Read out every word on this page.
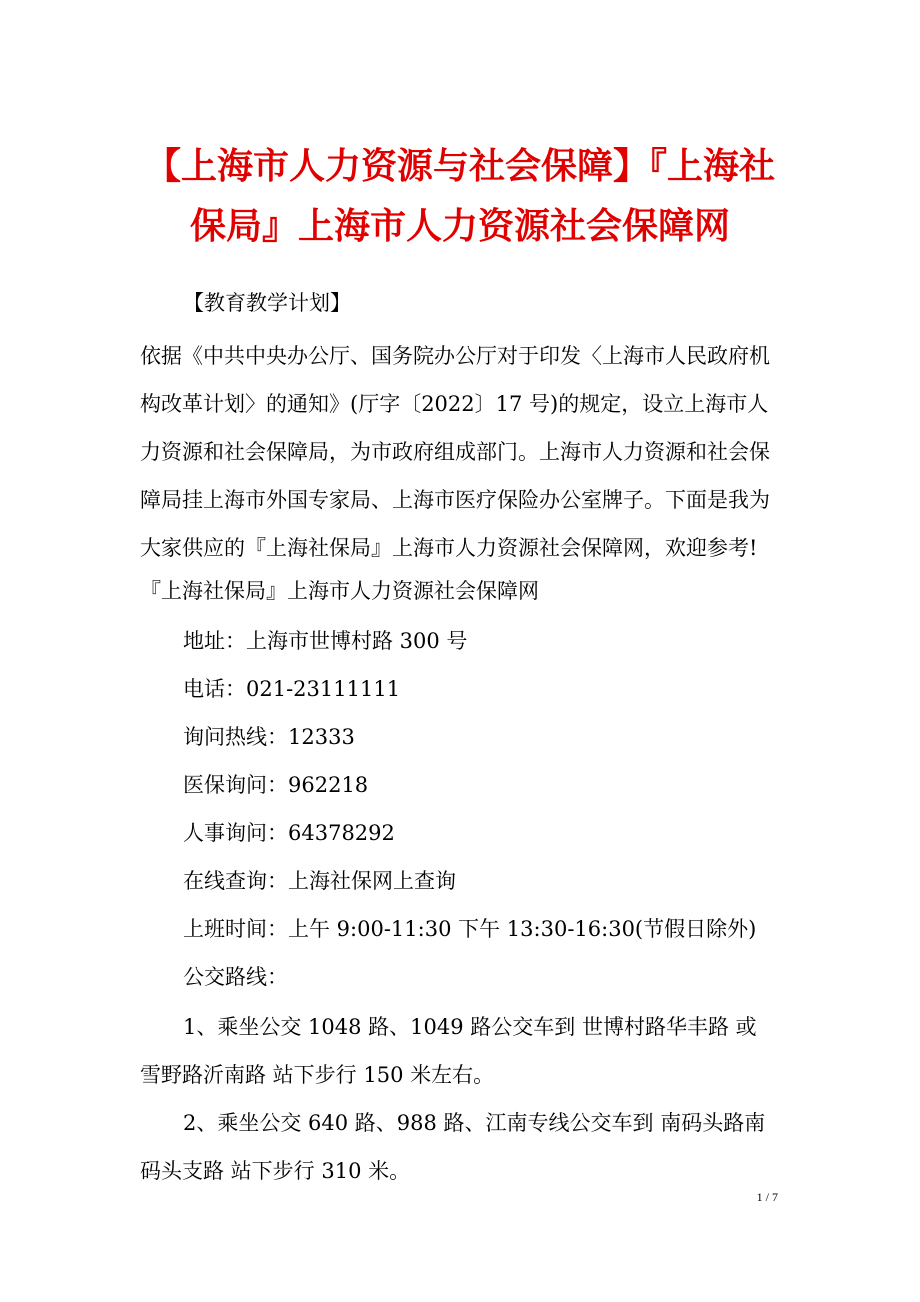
【上海市人力资源与社会保障】『上海社保局』上海市人力资源社会保障网
【教育教学计划】
依据《中共中央办公厅、国务院办公厅对于印发〈上海市人民政府机构改革计划〉的通知》(厅字〔2022〕17 号)的规定，设立上海市人力资源和社会保障局，为市政府组成部门。上海市人力资源和社会保障局挂上海市外国专家局、上海市医疗保险办公室牌子。下面是我为大家供应的『上海社保局』上海市人力资源社会保障网，欢迎参考!
『上海社保局』上海市人力资源社会保障网
地址：上海市世博村路 300 号
电话：021-23111111
询问热线：12333
医保询问：962218
人事询问：64378292
在线查询：上海社保网上查询
上班时间：上午 9:00-11:30 下午 13:30-16:30(节假日除外)
公交路线：
1、乘坐公交 1048 路、1049 路公交车到 世博村路华丰路 或 雪野路沂南路 站下步行 150 米左右。
2、乘坐公交 640 路、988 路、江南专线公交车到 南码头路南码头支路 站下步行 310 米。
1 / 7
